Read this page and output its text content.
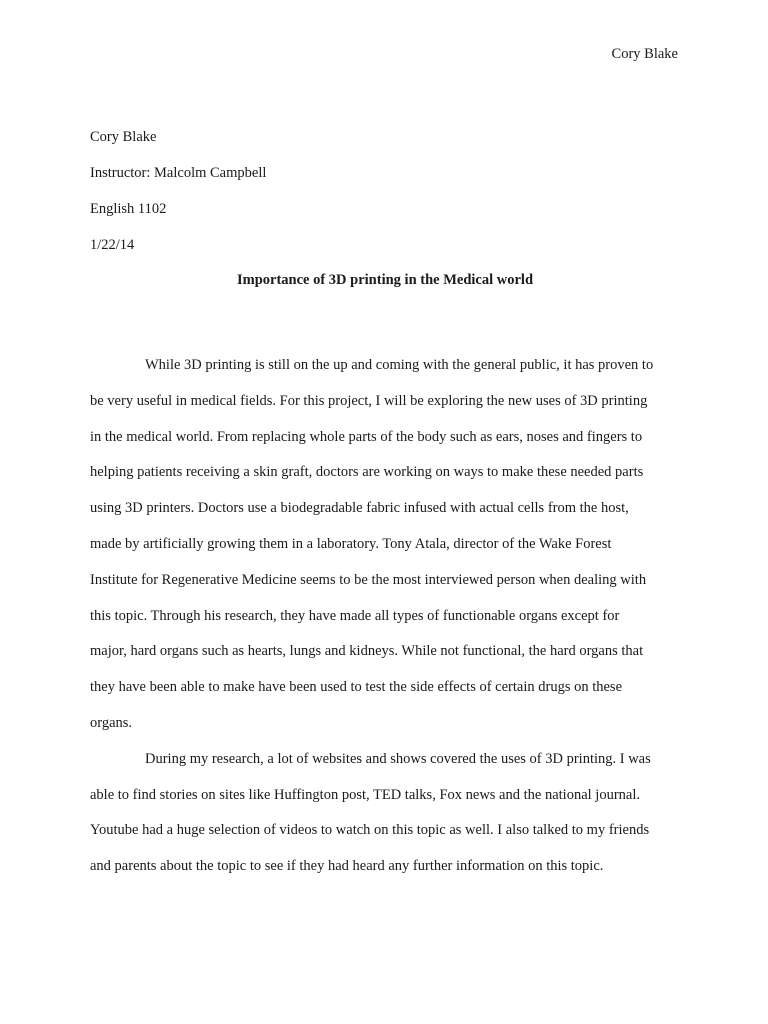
Cory Blake
Cory Blake
Instructor: Malcolm Campbell
English 1102
1/22/14
Importance of 3D printing in the Medical world
While 3D printing is still on the up and coming with the general public, it has proven to
be very useful in medical fields. For this project, I will be exploring the new uses of 3D printing
in the medical world. From replacing whole parts of the body such as ears, noses and fingers to
helping patients receiving a skin graft, doctors are working on ways to make these needed parts
using 3D printers. Doctors use a biodegradable fabric infused with actual cells from the host,
made by artificially growing them in a laboratory. Tony Atala, director of the Wake Forest
Institute for Regenerative Medicine seems to be the most interviewed person when dealing with
this topic. Through his research, they have made all types of functionable organs except for
major, hard organs such as hearts, lungs and kidneys. While not functional, the hard organs that
they have been able to make have been used to test the side effects of certain drugs on these
organs.
During my research, a lot of websites and shows covered the uses of 3D printing. I was
able to find stories on sites like Huffington post, TED talks, Fox news and the national journal.
Youtube had a huge selection of videos to watch on this topic as well. I also talked to my friends
and parents about the topic to see if they had heard any further information on this topic.
